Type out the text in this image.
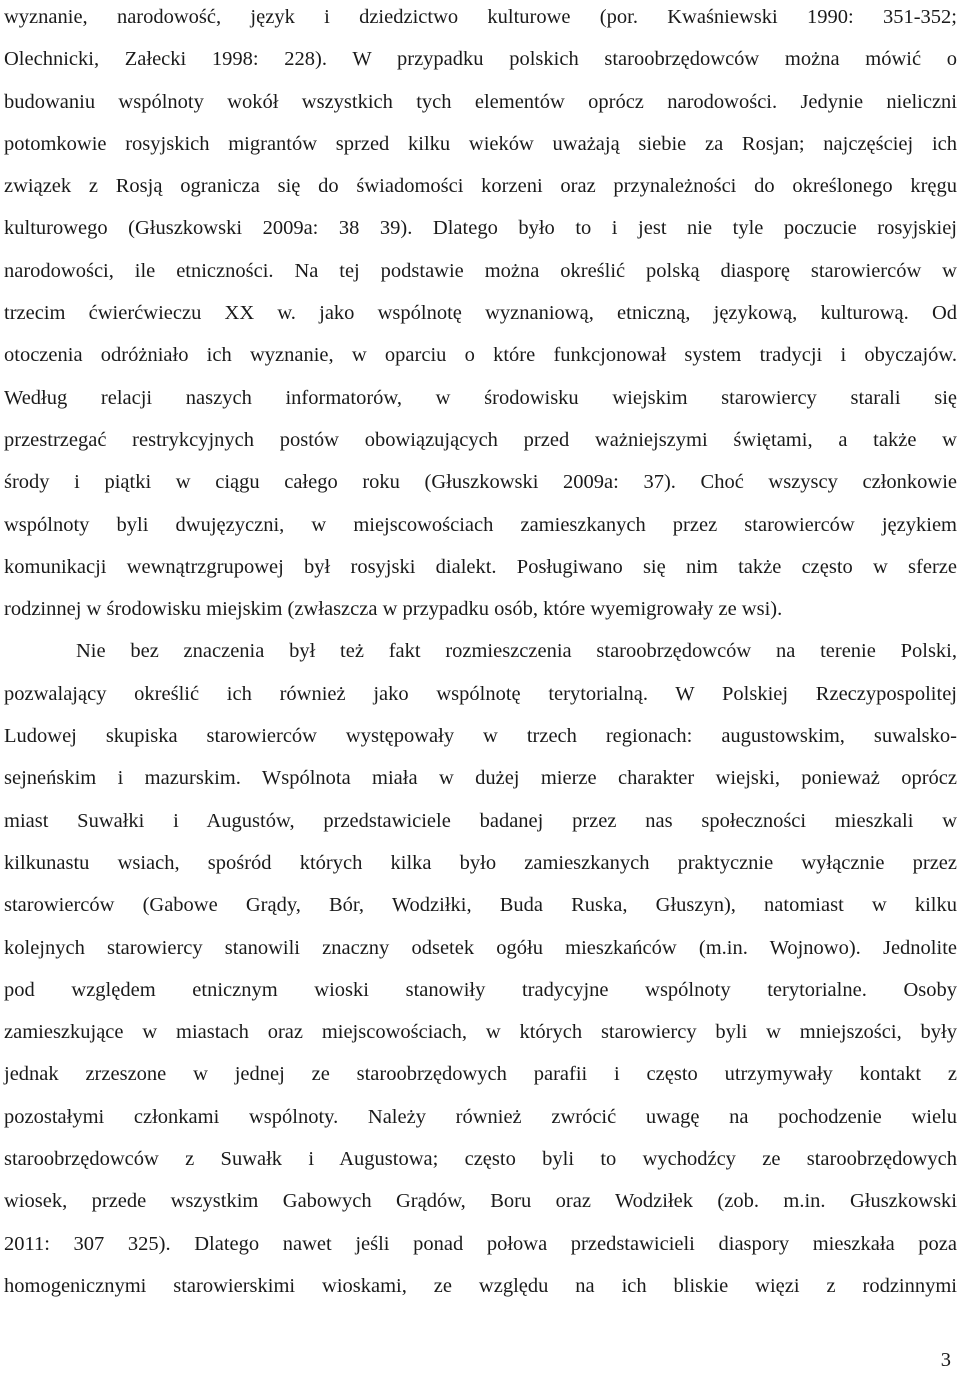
wyznanie, narodowość, język i dziedzictwo kulturowe (por. Kwaśniewski 1990: 351-352;
Olechnicki, Załecki 1998: 228). W przypadku polskich staroobrzędowców można mówić o
budowaniu wspólnoty wokół wszystkich tych elementów oprócz narodowości. Jedynie nieliczni
potomkowie rosyjskich migrantów sprzed kilku wieków uważają siebie za Rosjan; najczęściej ich
związek z Rosją ogranicza się do świadomości korzeni oraz przynależności do określonego kręgu
kulturowego (Głuszkowski 2009a: 38 39). Dlatego było to i jest nie tyle poczucie rosyjskiej
narodowości, ile etniczności. Na tej podstawie można określić polską diasporę starowierców w
trzecim ćwierćwieczu XX w. jako wspólnotę wyznaniową, etniczną, językową, kulturową. Od
otoczenia odróżniało ich wyznanie, w oparciu o które funkcjonował system tradycji i obyczajów.
Według relacji naszych informatorów, w środowisku wiejskim starowiercy starali się
przestrzegać restrykcyjnych postów obowiązujących przed ważniejszymi świętami, a także w
środy i piątki w ciągu całego roku (Głuszkowski 2009a: 37). Choć wszyscy członkowie
wspólnoty byli dwujęzyczni, w miejscowościach zamieszkanych przez starowierców językiem
komunikacji wewnątrzgrupowej był rosyjski dialekt. Posługiwano się nim także często w sferze
rodzinnej w środowisku miejskim (zwłaszcza w przypadku osób, które wyemigrowały ze wsi).
Nie bez znaczenia był też fakt rozmieszczenia staroobrzędowców na terenie Polski,
pozwalający określić ich również jako wspólnotę terytorialną. W Polskiej Rzeczypospolitej
Ludowej skupiska starowierców występowały w trzech regionach: augustowskim, suwalsko-
sejneńskim i mazurskim. Wspólnota miała w dużej mierze charakter wiejski, ponieważ oprócz
miast Suwałki i Augustów, przedstawiciele badanej przez nas społeczności mieszkali w
kilkunastu wsiach, spośród których kilka było zamieszkanych praktycznie wyłącznie przez
starowierców (Gabowe Grądy, Bór, Wodziłki, Buda Ruska, Głuszyn), natomiast w kilku
kolejnych starowiercy stanowili znaczny odsetek ogółu mieszkańców (m.in. Wojnowo). Jednolite
pod względem etnicznym wioski stanowiły tradycyjne wspólnoty terytorialne. Osoby
zamieszkujące w miastach oraz miejscowościach, w których starowiercy byli w mniejszości, były
jednak zrzeszone w jednej ze staroobrzędowych parafii i często utrzymywały kontakt z
pozostałymi członkami wspólnoty. Należy również zwrócić uwagę na pochodzenie wielu
staroobrzędowców z Suwałk i Augustowa; często byli to wychodźcy ze staroobrzędowych
wiosek, przede wszystkim Gabowych Grądów, Boru oraz Wodziłek (zob. m.in. Głuszkowski
2011: 307 325). Dlatego nawet jeśli ponad połowa przedstawicieli diaspory mieszkała poza
homogenicznymi starowierskimi wioskami, ze względu na ich bliskie więzi z rodzinnymi
3
